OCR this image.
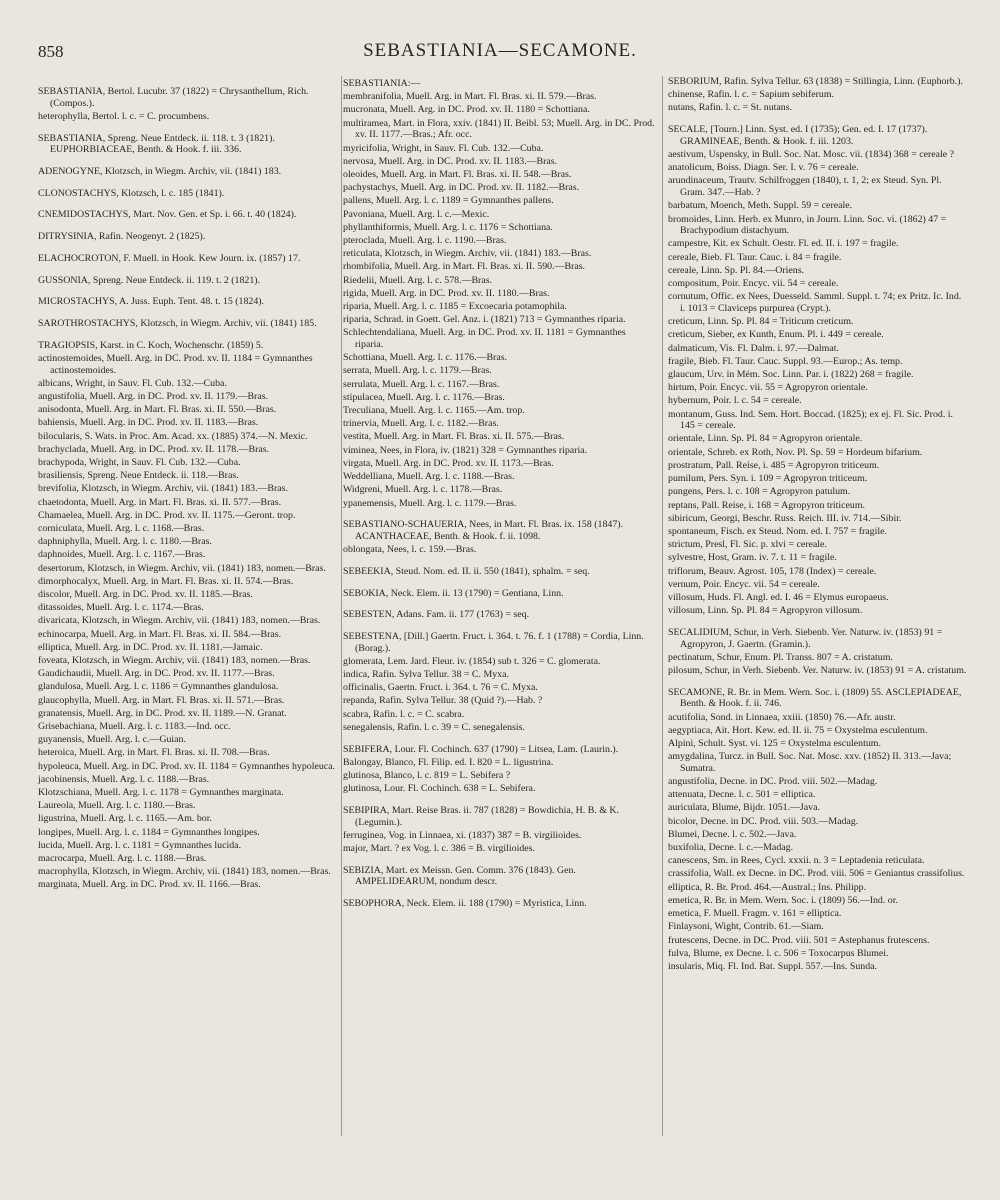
858	SEBASTIANIA—SECAMONE.
SEBASTIANIA, Bertol. Lucubr. 37 (1822) = Chrysanthellum, Rich. (Compos.).
heterophylla, Bertol. l. c. = C. procumbens.
SEBASTIANIA, Spreng. Neue Entdeck. ii. 118. t. 3 (1821). EUPHORBIACEAE, Benth. & Hook. f. iii. 336.
ADENOGYNE, Klotzsch, in Wiegm. Archiv, vii. (1841) 183.
CLONOSTACHYS, Klotzsch, l. c. 185 (1841).
CNEMIDOSTACHYS, Mart. Nov. Gen. et Sp. i. 66. t. 40 (1824).
DITRYSINIA, Rafin. Neogenyt. 2 (1825).
ELACHOCROTON, F. Muell. in Hook. Kew Journ. ix. (1857) 17.
GUSSONIA, Spreng. Neue Entdeck. ii. 119. t. 2 (1821).
MICROSTACHYS, A. Juss. Euph. Tent. 48. t. 15 (1824).
SAROTHROSTACHYS, Klotzsch, in Wiegm. Archiv, vii. (1841) 185.
TRAGIOPSIS, Karst. in C. Koch, Wochenschr. (1859) 5.
actinostemoides, Muell. Arg. in DC. Prod. xv. II. 1184 = Gymnanthes actinostemoides.
albicans, Wright, in Sauv. Fl. Cub. 132.—Cuba.
angustifolia, Muell. Arg. in DC. Prod. xv. II. 1179.—Bras.
anisodonta, Muell. Arg. in Mart. Fl. Bras. xi. II. 550.—Bras.
bahiensis, Muell. Arg. in DC. Prod. xv. II. 1183.—Bras.
bilocularis, S. Wats. in Proc. Am. Acad. xx. (1885) 374.—N. Mexic.
brachyclada, Muell. Arg. in DC. Prod. xv. II. 1178.—Bras.
brachypoda, Wright, in Sauv. Fl. Cub. 132.—Cuba.
brasiliensis, Spreng. Neue Entdeck. ii. 118.—Bras.
brevifolia, Klotzsch, in Wiegm. Archiv, vii. (1841) 183.—Bras.
chaetodonta, Muell. Arg. in Mart. Fl. Bras. xi. II. 577.—Bras.
Chamaelea, Muell. Arg. in DC. Prod. xv. II. 1175.—Geront. trop.
corniculata, Muell. Arg. l. c. 1168.—Bras.
daphniphylla, Muell. Arg. l. c. 1180.—Bras.
daphnoides, Muell. Arg. l. c. 1167.—Bras.
desertorum, Klotzsch, in Wiegm. Archiv, vii. (1841) 183, nomen.—Bras.
dimorphocalyx, Muell. Arg. in Mart. Fl. Bras. xi. II. 574.—Bras.
discolor, Muell. Arg. in DC. Prod. xv. II. 1185.—Bras.
ditassoides, Muell. Arg. l. c. 1174.—Bras.
divaricata, Klotzsch, in Wiegm. Archiv, vii. (1841) 183, nomen.—Bras.
echinocarpa, Muell. Arg. in Mart. Fl. Bras. xi. II. 584.—Bras.
elliptica, Muell. Arg. in DC. Prod. xv. II. 1181.—Jamaic.
foveata, Klotzsch, in Wiegm. Archiv, vii. (1841) 183, nomen.—Bras.
Gaudichaudii, Muell. Arg. in DC. Prod. xv. II. 1177.—Bras.
glandulosa, Muell. Arg. l. c. 1186 = Gymnanthes glandulosa.
glaucophylla, Muell. Arg. in Mart. Fl. Bras. xi. II. 571.—Bras.
granatensis, Muell. Arg. in DC. Prod. xv. II. 1189.—N. Granat.
Grisebachiana, Muell. Arg. l. c. 1183.—Ind. occ.
guyanensis, Muell. Arg. l. c.—Guian.
heteroica, Muell. Arg. in Mart. Fl. Bras. xi. II. 708.—Bras.
hypoleuca, Muell. Arg. in DC. Prod. xv. II. 1184 = Gymnanthes hypoleuca.
jacobinensis, Muell. Arg. l. c. 1188.—Bras.
Klotzschiana, Muell. Arg. l. c. 1178 = Gymnanthes marginata.
Laureola, Muell. Arg. l. c. 1180.—Bras.
ligustrina, Muell. Arg. l. c. 1165.—Am. bor.
longipes, Muell. Arg. l. c. 1184 = Gymnanthes longipes.
lucida, Muell. Arg. l. c. 1181 = Gymnanthes lucida.
macrocarpa, Muell. Arg. l. c. 1188.—Bras.
macrophylla, Klotzsch, in Wiegm. Archiv, vii. (1841) 183, nomen.—Bras.
marginata, Muell. Arg. in DC. Prod. xv. II. 1166.—Bras.
SEBASTIANIA:—
membranifolia, Muell. Arg. in Mart. Fl. Bras. xi. II. 579.—Bras.
mucronata, Muell. Arg. in DC. Prod. xv. II. 1180 = Schottiana.
multiramea, Mart. in Flora, xxiv. (1841) II. Beibl. 53; Muell. Arg. in DC. Prod. xv. II. 1177.—Bras.; Afr. occ.
myricifolia, Wright, in Sauv. Fl. Cub. 132.—Cuba.
nervosa, Muell. Arg. in DC. Prod. xv. II. 1183.—Bras.
oleoides, Muell. Arg. in Mart. Fl. Bras. xi. II. 548.—Bras.
pachystachys, Muell. Arg. in DC. Prod. xv. II. 1182.—Bras.
pallens, Muell. Arg. l. c. 1189 = Gymnanthes pallens.
Pavoniana, Muell. Arg. l. c.—Mexic.
phyllanthiformis, Muell. Arg. l. c. 1176 = Schottiana.
pteroclada, Muell. Arg. l. c. 1190.—Bras.
reticulata, Klotzsch, in Wiegm. Archiv, vii. (1841) 183.—Bras.
rhombifolia, Muell. Arg. in Mart. Fl. Bras. xi. II. 590.—Bras.
Riedelii, Muell. Arg. l. c. 578.—Bras.
rigida, Muell. Arg. in DC. Prod. xv. II. 1180.—Bras.
riparia, Muell. Arg. l. c. 1185 = Excoecaria potamophila.
riparia, Schrad. in Goett. Gel. Anz. i. (1821) 713 = Gymnanthes riparia.
Schlechtendaliana, Muell. Arg. in DC. Prod. xv. II. 1181 = Gymnanthes riparia.
Schottiana, Muell. Arg. l. c. 1176.—Bras.
serrata, Muell. Arg. l. c. 1179.—Bras.
serrulata, Muell. Arg. l. c. 1167.—Bras.
stipulacea, Muell. Arg. l. c. 1176.—Bras.
Treculiana, Muell. Arg. l. c. 1165.—Am. trop.
trinervia, Muell. Arg. l. c. 1182.—Bras.
vestita, Muell. Arg. in Mart. Fl. Bras. xi. II. 575.—Bras.
viminea, Nees, in Flora, iv. (1821) 328 = Gymnanthes riparia.
virgata, Muell. Arg. in DC. Prod. xv. II. 1173.—Bras.
Weddelliana, Muell. Arg. l. c. 1188.—Bras.
Widgreni, Muell. Arg. l. c. 1178.—Bras.
ypanemensis, Muell. Arg. l. c. 1179.—Bras.
SEBASTIANO-SCHAUERIA, Nees, in Mart. Fl. Bras. ix. 158 (1847). ACANTHACEAE, Benth. & Hook. f. ii. 1098.
oblongata, Nees, l. c. 159.—Bras.
SEBEEKIA, Steud. Nom. ed. II. ii. 550 (1841), sphalm. = seq.
SEBOKIA, Neck. Elem. ii. 13 (1790) = Gentiana, Linn.
SEBESTEN, Adans. Fam. ii. 177 (1763) = seq.
SEBESTENA, [Dill.] Gaertn. Fruct. i. 364. t. 76. f. 1 (1788) = Cordia, Linn. (Borag.).
glomerata, Lem. Jard. Fleur. iv. (1854) sub t. 326 = C. glomerata.
indica, Rafin. Sylva Tellur. 38 = C. Myxa.
officinalis, Gaertn. Fruct. i. 364. t. 76 = C. Myxa.
repanda, Rafin. Sylva Tellur. 38 (Quid ?).—Hab. ?
scabra, Rafin. l. c. = C. scabra.
senegalensis, Rafin. l. c. 39 = C. senegalensis.
SEBIFERA, Lour. Fl. Cochinch. 637 (1790) = Litsea, Lam. (Laurin.).
Balongay, Blanco, Fl. Filip. ed. I. 820 = L. ligustrina.
glutinosa, Blanco, l. c. 819 = L. Sebifera ?
glutinosa, Lour. Fl. Cochinch. 638 = L. Sebifera.
SEBIPIRA, Mart. Reise Bras. ii. 787 (1828) = Bowdichia, H. B. & K. (Legumin.).
ferruginea, Vog. in Linnaea, xi. (1837) 387 = B. virgilioides.
major, Mart. ? ex Vog. l. c. 386 = B. virgilioides.
SEBIZIA, Mart. ex Meissn. Gen. Comm. 376 (1843). Gen. AMPELIDEARUM, nondum descr.
SEBOPHORA, Neck. Elem. ii. 188 (1790) = Myristica, Linn.
SEBORIUM, Rafin. Sylva Tellur. 63 (1838) = Stillingia, Linn. (Euphorb.).
chinense, Rafin. l. c. = Sapium sebiferum.
nutans, Rafin. l. c. = St. nutans.
SECALE, [Tourn.] Linn. Syst. ed. I (1735); Gen. ed. I. 17 (1737). GRAMINEAE, Benth. & Hook. f. iii. 1203.
aestivum, Uspensky, in Bull. Soc. Nat. Mosc. vii. (1834) 368 = cereale ?
anatolicum, Boiss. Diagn. Ser. I. v. 76 = cereale.
arundinaceum, Trautv. Schilfroggen (1840), t. 1, 2; ex Steud. Syn. Pl. Gram. 347.—Hab. ?
barbatum, Moench, Meth. Suppl. 59 = cereale.
bromoides, Linn. Herb. ex Munro, in Journ. Linn. Soc. vi. (1862) 47 = Brachypodium distachyum.
campestre, Kit. ex Schult. Oestr. Fl. ed. II. i. 197 = fragile.
cereale, Bieb. Fl. Taur. Cauc. i. 84 = fragile.
cereale, Linn. Sp. Pl. 84.—Oriens.
compositum, Poir. Encyc. vii. 54 = cereale.
cornutum, Offic. ex Nees, Duesseld. Samml. Suppl. t. 74; ex Pritz. Ic. Ind. i. 1013 = Claviceps purpurea (Crypt.).
creticum, Linn. Sp. Pl. 84 = Triticum creticum.
creticum, Sieber, ex Kunth, Enum. Pl. i. 449 = cereale.
dalmaticum, Vis. Fl. Dalm. i. 97.—Dalmat.
fragile, Bieb. Fl. Taur. Cauc. Suppl. 93.—Europ.; As. temp.
glaucum, Urv. in Mém. Soc. Linn. Par. i. (1822) 268 = fragile.
hirtum, Poir. Encyc. vii. 55 = Agropyron orientale.
hybernum, Poir. l. c. 54 = cereale.
montanum, Guss. Ind. Sem. Hort. Boccad. (1825); ex ej. Fl. Sic. Prod. i. 145 = cereale.
orientale, Linn. Sp. Pl. 84 = Agropyron orientale.
orientale, Schreb. ex Roth, Nov. Pl. Sp. 59 = Hordeum bifarium.
prostratum, Pall. Reise, i. 485 = Agropyron triticeum.
pumilum, Pers. Syn. i. 109 = Agropyron triticeum.
pungens, Pers. l. c. 108 = Agropyron patulum.
reptans, Pall. Reise, i. 168 = Agropyron triticeum.
sibiricum, Georgi, Beschr. Russ. Reich. III. iv. 714.—Sibir.
spontaneum, Fisch. ex Steud. Nom. ed. I. 757 = fragile.
strictum, Presl, Fl. Sic. p. xlvi = cereale.
sylvestre, Host, Gram. iv. 7. t. 11 = fragile.
triflorum, Beauv. Agrost. 105, 178 (Index) = cereale.
vernum, Poir. Encyc. vii. 54 = cereale.
villosum, Huds. Fl. Angl. ed. I. 46 = Elymus europaeus.
villosum, Linn. Sp. Pl. 84 = Agropyron villosum.
SECALIDIUM, Schur, in Verh. Siebenb. Ver. Naturw. iv. (1853) 91 = Agropyron, J. Gaertn. (Gramin.).
pectinatum, Schur, Enum. Pl. Transs. 807 = A. cristatum.
pilosum, Schur, in Verh. Siebenb. Ver. Naturw. iv. (1853) 91 = A. cristatum.
SECAMONE, R. Br. in Mem. Wern. Soc. i. (1809) 55. ASCLEPIADEAE, Benth. & Hook. f. ii. 746.
acutifolia, Sond. in Linnaea, xxiii. (1850) 76.—Afr. austr.
aegyptiaca, Ait. Hort. Kew. ed. II. ii. 75 = Oxystelma esculentum.
Alpini, Schult. Syst. vi. 125 = Oxystelma esculentum.
amygdalina, Turcz. in Bull. Soc. Nat. Mosc. xxv. (1852) II. 313.—Java; Sumatra.
angustifolia, Decne. in DC. Prod. viii. 502.—Madag.
attenuata, Decne. l. c. 501 = elliptica.
auriculata, Blume, Bijdr. 1051.—Java.
bicolor, Decne. in DC. Prod. viii. 503.—Madag.
Blumei, Decne. l. c. 502.—Java.
buxifolia, Decne. l. c.—Madag.
canescens, Sm. in Rees, Cycl. xxxii. n. 3 = Leptadenia reticulata.
crassifolia, Wall. ex Decne. in DC. Prod. viii. 506 = Geniantus crassifolius.
elliptica, R. Br. Prod. 464.—Austral.; Ins. Philipp.
emetica, R. Br. in Mem. Wern. Soc. i. (1809) 56.—Ind. or.
emetica, F. Muell. Fragm. v. 161 = elliptica.
Finlaysoni, Wight, Contrib. 61.—Siam.
frutescens, Decne. in DC. Prod. viii. 501 = Astephanus frutescens.
fulva, Blume, ex Decne. l. c. 506 = Toxocarpus Blumei.
insularis, Miq. Fl. Ind. Bat. Suppl. 557.—Ins. Sunda.
